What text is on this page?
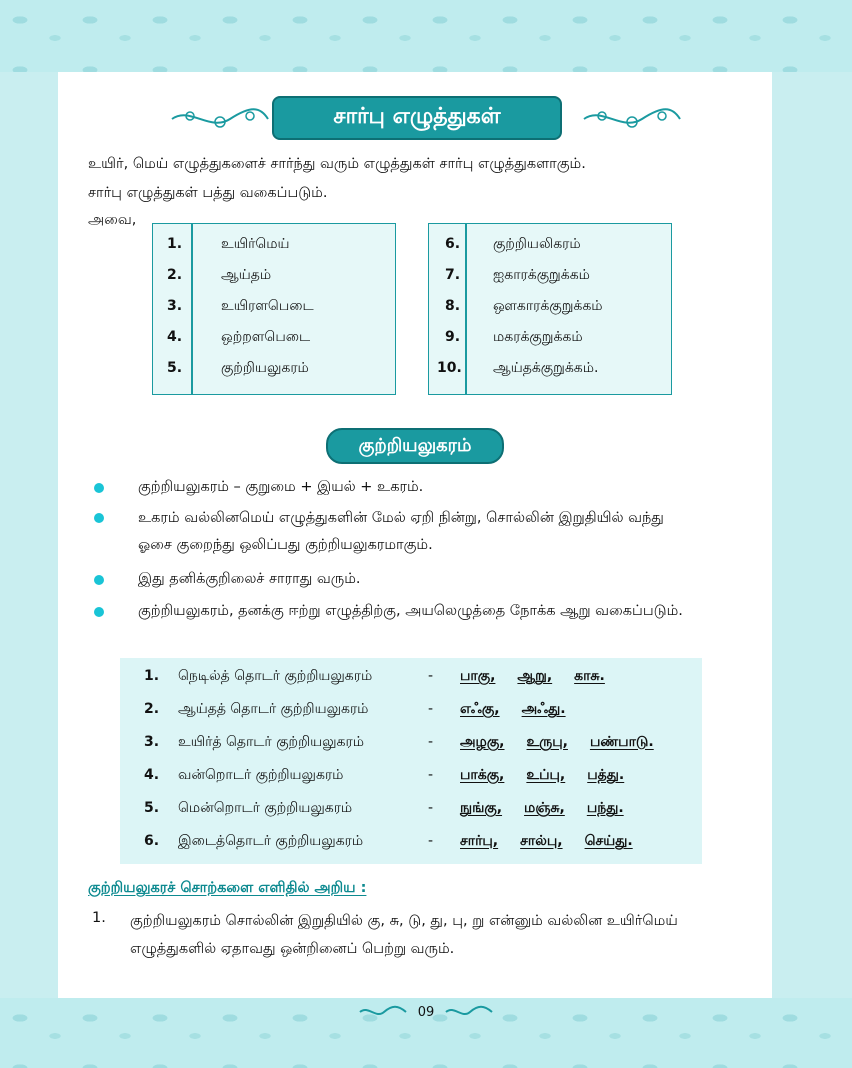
சார்பு எழுத்துகள்
உயிர், மெய் எழுத்துகளைச் சார்ந்து வரும் எழுத்துகள் சார்பு எழுத்துகளாகும்.
சார்பு எழுத்துகள் பத்து வகைப்படும்.
அவை,
1.	உயிர்மெய்
2.	ஆய்தம்
3.	உயிரளபெடை
4.	ஒற்றளபெடை
5.	குற்றியலுகரம்
6. குற்றியலிகரம்
7. ஐகாரக்குறுக்கம்
8. ஔகாரக்குறுக்கம்
9. மகரக்குறுக்கம்
10. ஆய்தக்குறுக்கம்.
குற்றியலுகரம்
குற்றியலுகரம் – குறுமை + இயல் + உகரம்.
உகரம் வல்லினமெய் எழுத்துகளின் மேல் ஏறி நின்று, சொல்லின் இறுதியில் வந்து ஓசை குறைந்து ஒலிப்பது குற்றியலுகரமாகும்.
இது தனிக்குறிலைச் சாராது வரும்.
குற்றியலுகரம், தனக்கு ஈற்று எழுத்திற்கு, அயலெழுத்தை நோக்க ஆறு வகைப்படும்.
1. நெடில்த் தொடர் குற்றியலுகரம்	- பாகு, ஆறு, காசு.
2. ஆய்தத் தொடர் குற்றியலுகரம்	- எஃகு, அஃது.
3. உயிர்த் தொடர் குற்றியலுகரம்	- அழகு, உருபு, பண்பாடு.
4. வன்றொடர் குற்றியலுகரம்	- பாக்கு, உப்பு, பத்து.
5. மென்றொடர் குற்றியலுகரம்	- நுங்கு, மஞ்சு, பந்து.
6. இடைத்தொடர் குற்றியலுகரம்	- சார்பு, சால்பு, செய்து.
குற்றியலுகரச் சொற்களை எளிதில் அறிய :
1. குற்றியலுகரம் சொல்லின் இறுதியில் கு, சு, டு, து, பு, று என்னும் வல்லின உயிர்மெய் எழுத்துகளில் ஏதாவது ஒன்றினைப் பெற்று வரும்.
09
